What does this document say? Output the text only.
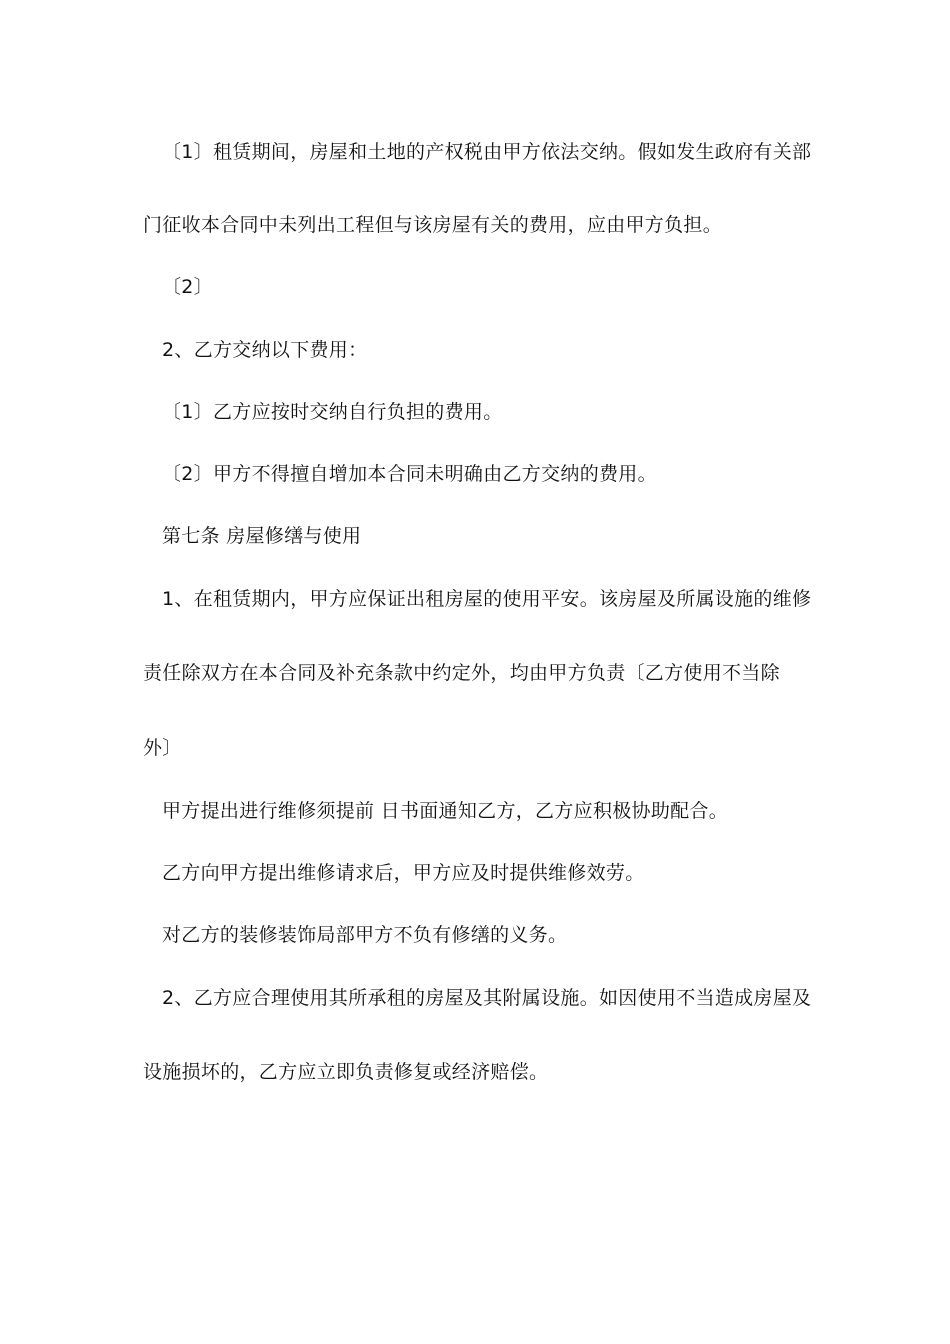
〔1〕租赁期间，房屋和土地的产权税由甲方依法交纳。假如发生政府有关部
门征收本合同中未列出工程但与该房屋有关的费用，应由甲方负担。
〔2〕
2、乙方交纳以下费用：
〔1〕乙方应按时交纳自行负担的费用。
〔2〕甲方不得擅自增加本合同未明确由乙方交纳的费用。
第七条 房屋修缮与使用
1、在租赁期内，甲方应保证出租房屋的使用平安。该房屋及所属设施的维修
责任除双方在本合同及补充条款中约定外，均由甲方负责〔乙方使用不当除
外〕
甲方提出进行维修须提前 日书面通知乙方，乙方应积极协助配合。
乙方向甲方提出维修请求后，甲方应及时提供维修效劳。
对乙方的装修装饰局部甲方不负有修缮的义务。
2、乙方应合理使用其所承租的房屋及其附属设施。如因使用不当造成房屋及
设施损坏的，乙方应立即负责修复或经济赔偿。
